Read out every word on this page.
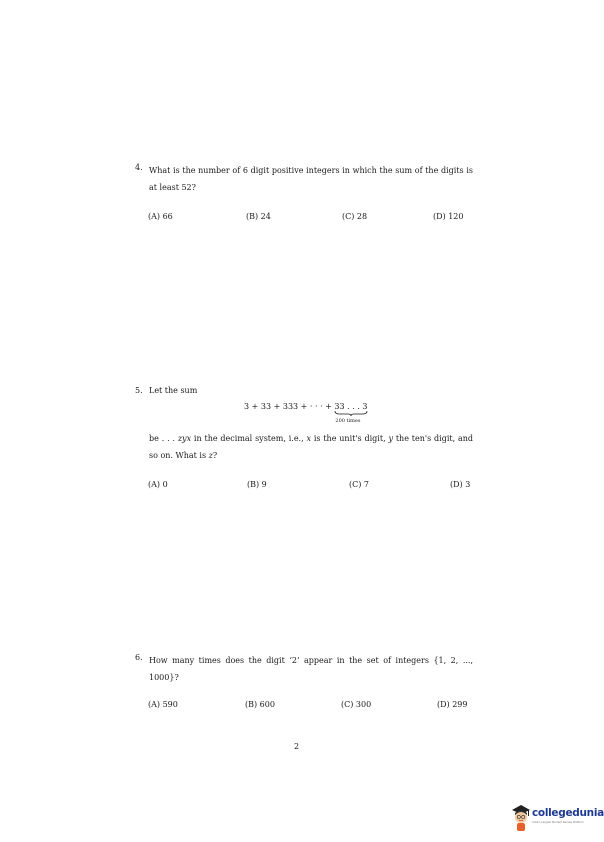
4. What is the number of 6 digit positive integers in which the sum of the digits is at least 52?
(A) 66	(B) 24	(C) 28	(D) 120
5. Let the sum
3 + 33 + 333 + · · · + 33 . . . 3
200 times
be . . . zyx in the decimal system, i.e., x is the unit's digit, y the ten's digit, and so on. What is z?
(A) 0	(B) 9	(C) 7	(D) 3
6. How many times does the digit ‘2’ appear in the set of integers {1, 2, ..., 1000}?
(A) 590	(B) 600	(C) 300	(D) 299
2
collegedunia
India's Largest Student Review Platform
